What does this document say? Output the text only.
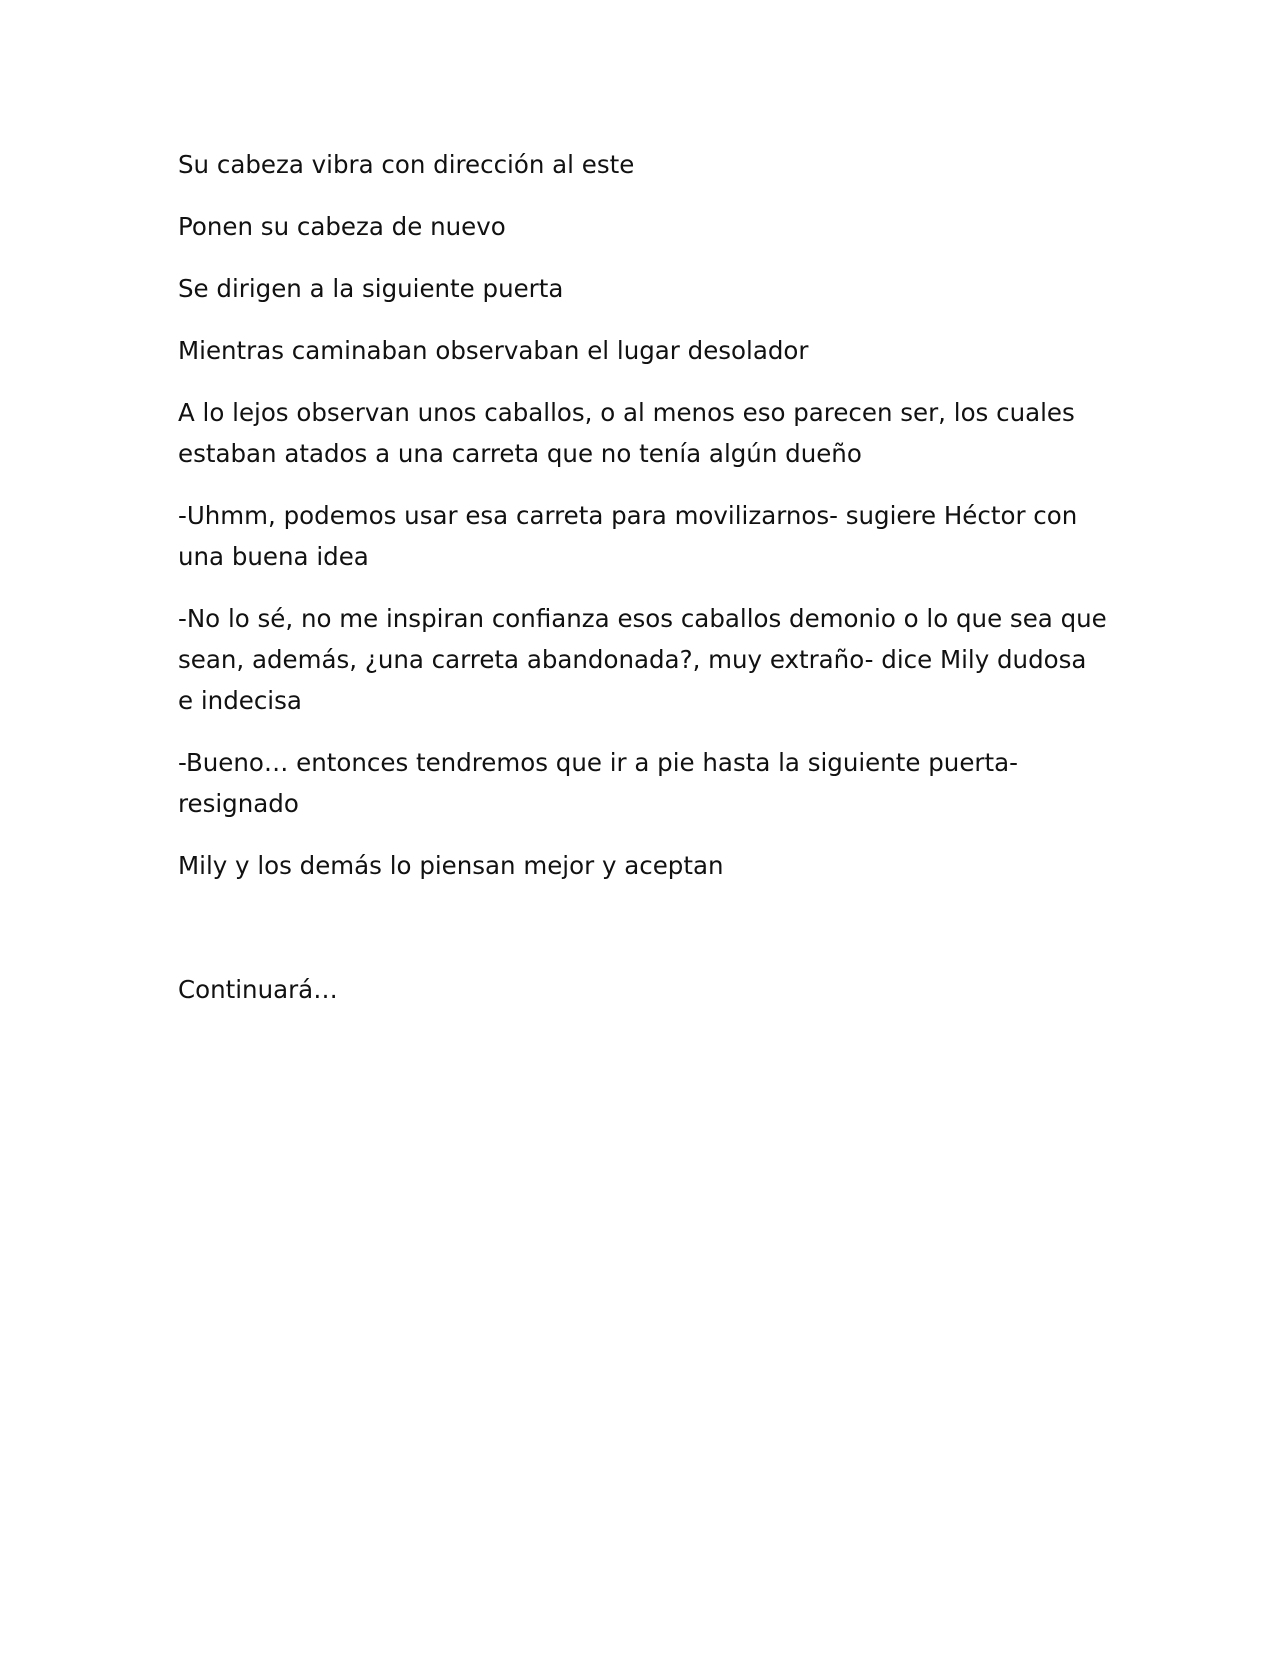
Su cabeza vibra con dirección al este

Ponen su cabeza de nuevo

Se dirigen a la siguiente puerta

Mientras caminaban observaban el lugar desolador

A lo lejos observan unos caballos, o al menos eso parecen ser, los cuales estaban atados a una carreta que no tenía algún dueño

-Uhmm, podemos usar esa carreta para movilizarnos- sugiere Héctor con una buena idea

-No lo sé, no me inspiran confianza esos caballos demonio o lo que sea que sean, además, ¿una carreta abandonada?, muy extraño- dice Mily dudosa e indecisa

-Bueno… entonces tendremos que ir a pie hasta la siguiente puerta-resignado

Mily y los demás lo piensan mejor y aceptan

Continuará…
